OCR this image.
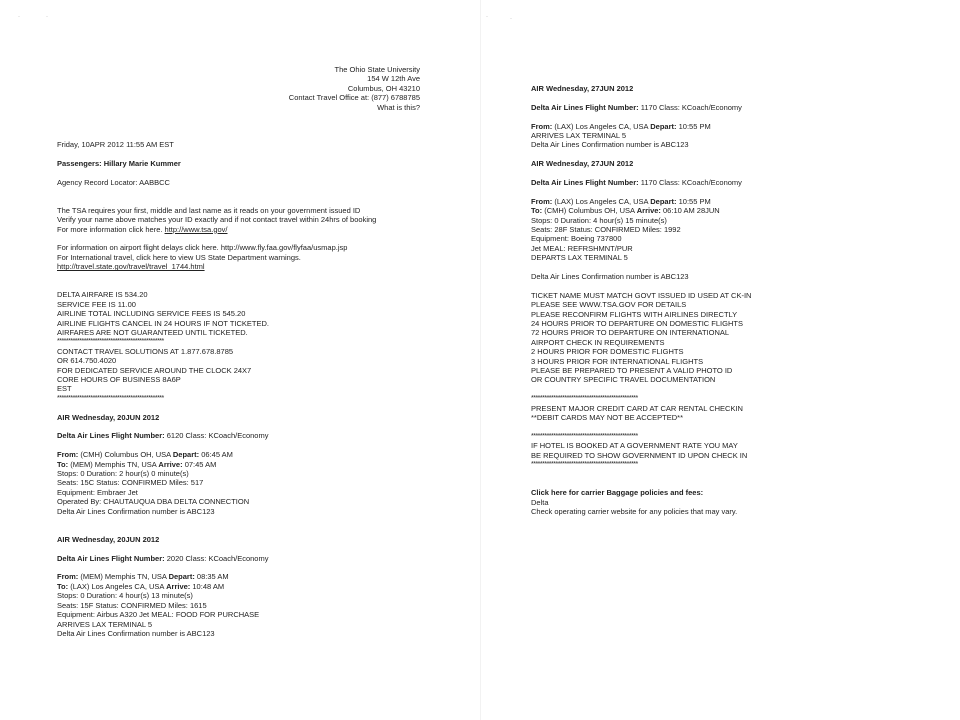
·	·	·	·
The Ohio State University
154 W 12th Ave
Columbus, OH 43210
Contact Travel Office at: (877) 6788785
What is this?
Friday, 10APR 2012 11:55 AM EST
Passengers: Hillary Marie Kummer
Agency Record Locator: AABBCC
The TSA requires your first, middle and last name as it reads on your government issued ID
Verify your name above matches your ID exactly and if not contact travel within 24hrs of booking
For more information click here. http://www.tsa.gov/
For information on airport flight delays click here. http://www.fly.faa.gov/flyfaa/usmap.jsp
For International travel, click here to view US State Department warnings.
http://travel.state.gov/travel/travel_1744.html
DELTA AIRFARE IS 534.20
SERVICE FEE IS 11.00
AIRLINE TOTAL INCLUDING SERVICE FEES IS 545.20
AIRLINE FLIGHTS CANCEL IN 24 HOURS IF NOT TICKETED.
AIRFARES ARE NOT GUARANTEED UNTIL TICKETED.
************************************************
CONTACT TRAVEL SOLUTIONS AT 1.877.678.8785
OR 614.750.4020
FOR DEDICATED SERVICE AROUND THE CLOCK 24X7
CORE HOURS OF BUSINESS 8A6P
EST
************************************************
AIR Wednesday, 20JUN 2012
Delta Air Lines Flight Number: 6120 Class: KCoach/Economy
From: (CMH) Columbus OH, USA Depart: 06:45 AM
To: (MEM) Memphis TN, USA Arrive: 07:45 AM
Stops: 0 Duration: 2 hour(s) 0 minute(s)
Seats: 15C Status: CONFIRMED Miles: 517
Equipment: Embraer Jet
Operated By: CHAUTAUQUA DBA DELTA CONNECTION
Delta Air Lines Confirmation number is ABC123
AIR Wednesday, 20JUN 2012
Delta Air Lines Flight Number: 2020 Class: KCoach/Economy
From: (MEM) Memphis TN, USA Depart: 08:35 AM
To: (LAX) Los Angeles CA, USA Arrive: 10:48 AM
Stops: 0 Duration: 4 hour(s) 13 minute(s)
Seats: 15F Status: CONFIRMED Miles: 1615
Equipment: Airbus A320 Jet MEAL: FOOD FOR PURCHASE
ARRIVES LAX TERMINAL 5
Delta Air Lines Confirmation number is ABC123
AIR Wednesday, 27JUN 2012
Delta Air Lines Flight Number: 1170 Class: KCoach/Economy
From: (LAX) Los Angeles CA, USA Depart: 10:55 PM
ARRIVES LAX TERMINAL 5
Delta Air Lines Confirmation number is ABC123
AIR Wednesday, 27JUN 2012
Delta Air Lines Flight Number: 1170 Class: KCoach/Economy
From: (LAX) Los Angeles CA, USA Depart: 10:55 PM
To: (CMH) Columbus OH, USA Arrive: 06:10 AM 28JUN
Stops: 0 Duration: 4 hour(s) 15 minute(s)
Seats: 28F Status: CONFIRMED Miles: 1992
Equipment: Boeing 737800
Jet MEAL: REFRSHMNT/PUR
DEPARTS LAX TERMINAL 5
Delta Air Lines Confirmation number is ABC123
TICKET NAME MUST MATCH GOVT ISSUED ID USED AT CK-IN
PLEASE SEE WWW.TSA.GOV FOR DETAILS
PLEASE RECONFIRM FLIGHTS WITH AIRLINES DIRECTLY
24 HOURS PRIOR TO DEPARTURE ON DOMESTIC FLIGHTS
72 HOURS PRIOR TO DEPARTURE ON INTERNATIONAL
AIRPORT CHECK IN REQUIREMENTS
2 HOURS PRIOR FOR DOMESTIC FLIGHTS
3 HOURS PRIOR FOR INTERNATIONAL FLIGHTS
PLEASE BE PREPARED TO PRESENT A VALID PHOTO ID
OR COUNTRY SPECIFIC TRAVEL DOCUMENTATION
************************************************
PRESENT MAJOR CREDIT CARD AT CAR RENTAL CHECKIN
**DEBIT CARDS MAY NOT BE ACCEPTED**
************************************************
IF HOTEL IS BOOKED AT A GOVERNMENT RATE YOU MAY
BE REQUIRED TO SHOW GOVERNMENT ID UPON CHECK IN
************************************************
Click here for carrier Baggage policies and fees:
Delta
Check operating carrier website for any policies that may vary.
